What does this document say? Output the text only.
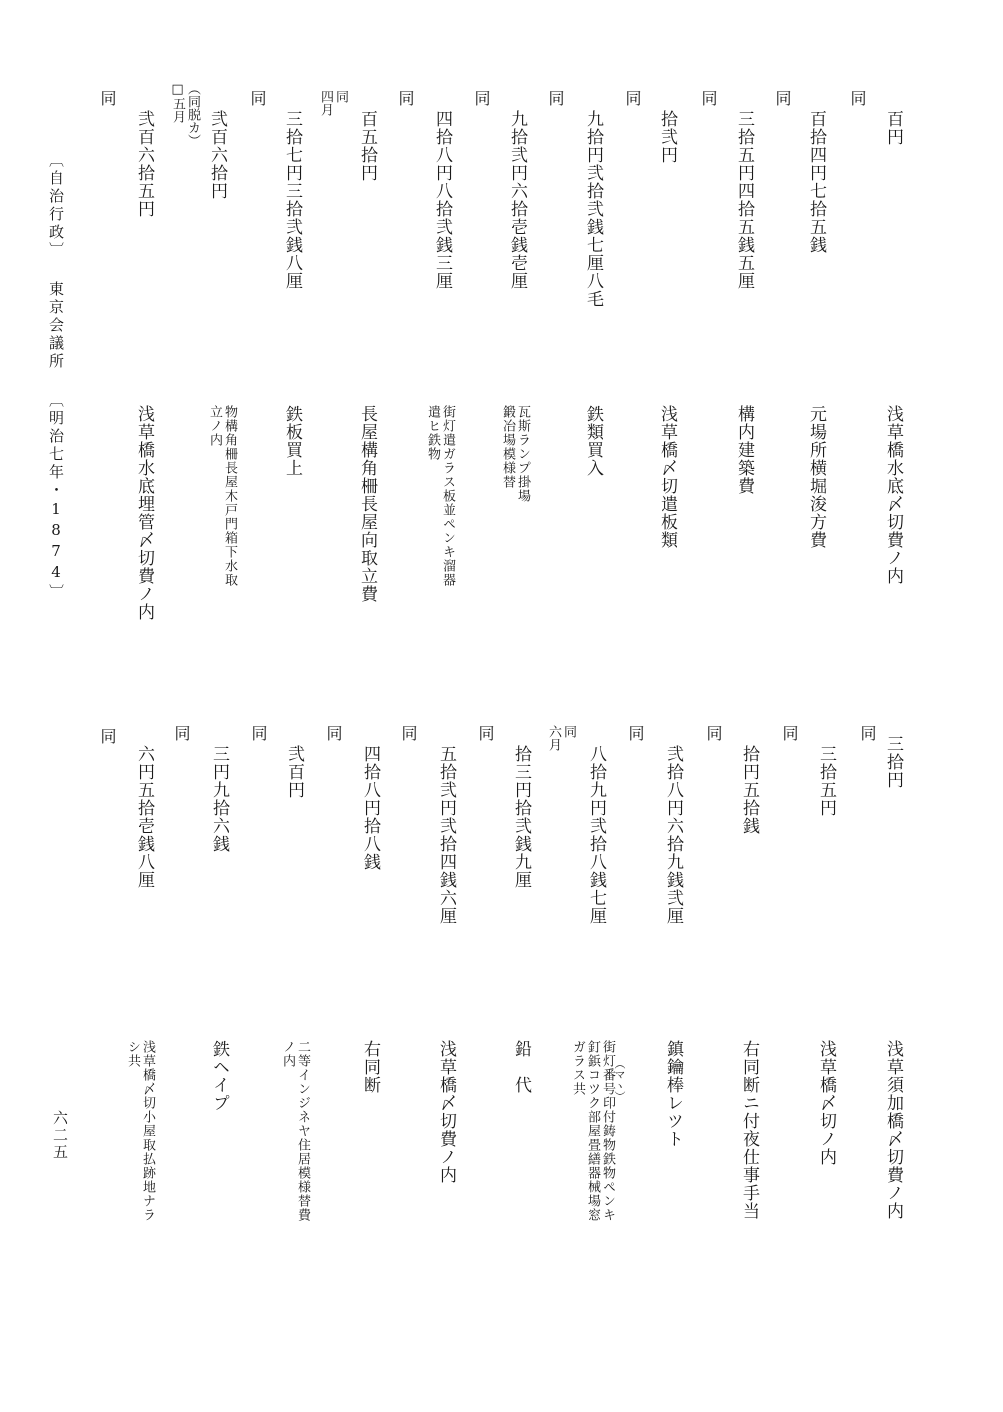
〔自治行政〕 東京会議所 〔明治七年・1874〕
六二五
百円
浅草橋水底〆切費ノ内
同
百拾四円七拾五銭
元場所横堀浚方費
同
三拾五円四拾五銭五厘
構内建築費
同
拾弐円
浅草橋〆切遣板類
同
九拾円弐拾弐銭七厘八毛
鉄類買入
同
九拾弐円六拾壱銭壱厘
瓦斯ランプ掛場
鍛冶場模様替
同
四拾八円八拾弐銭三厘
街灯遣ガラス板並ペンキ溜器
遣ヒ鉄物
同
百五拾円
長屋構角柵長屋向取立費
同
四月
三拾七円三拾弐銭八厘
鉄板買上
同
弐百六拾円
（同脱カ）
□五月
物構角柵長屋木戸門箱下水取
立ノ内
同
弐百六拾五円
浅草橋水底埋管〆切費ノ内
三拾円
浅草須加橋〆切費ノ内
同
三拾五円
浅草橋〆切ノ内
同
拾円五拾銭
右同断ニ付夜仕事手当
同
弐拾八円六拾九銭弐厘
鎮鑰棒レツト
同
八拾九円弐拾八銭七厘
街灯番号印付鋳物鉄物ペンキ
釘鋲コツク部屋畳繕器械場窓
ガラス共	（マヽ）
同
六月
拾三円拾弐銭九厘
鉛　代
同
五拾弐円弐拾四銭六厘
浅草橋〆切費ノ内
同
四拾八円拾八銭
右同断
同
弐百円
二等インジネヤ住居模様替費
ノ内
同
三円九拾六銭
鉄ヘイプ
同
六円五拾壱銭八厘
浅草橋〆切小屋取払跡地ナラ
シ共
同
